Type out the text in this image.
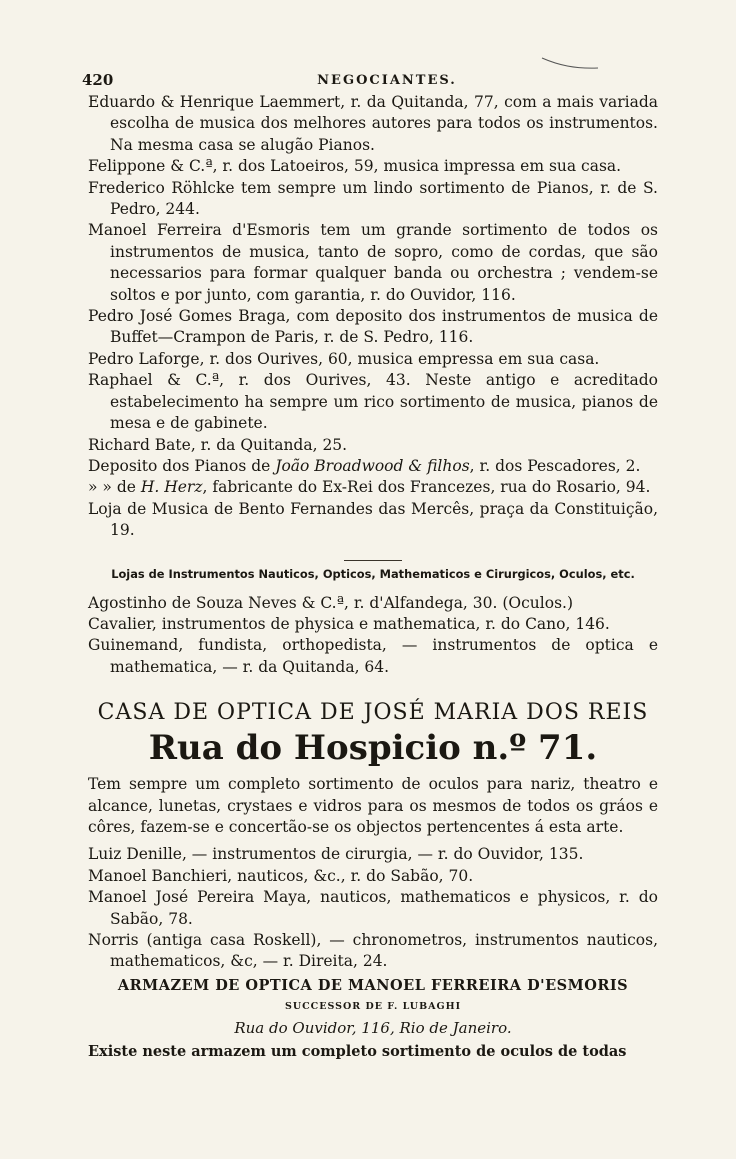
420	NEGOCIANTES.

Eduardo & Henrique Laemmert, r. da Quitanda, 77, com a mais variada escolha de musica dos melhores autores para todos os instrumentos. Na mesma casa se alugão Pianos.

Felippone & C.ª, r. dos Latoeiros, 59, musica impressa em sua casa.

Frederico Röhlcke tem sempre um lindo sortimento de Pianos, r. de S. Pedro, 244.

Manoel Ferreira d'Esmoris tem um grande sortimento de todos os instrumentos de musica, tanto de sopro, como de cordas, que são necessarios para formar qualquer banda ou orchestra ; vendem-se soltos e por junto, com garantia, r. do Ouvidor, 116.

Pedro José Gomes Braga, com deposito dos instrumentos de musica de Buffet—Crampon de Paris, r. de S. Pedro, 116.

Pedro Laforge, r. dos Ourives, 60, musica empressa em sua casa.

Raphael & C.ª, r. dos Ourives, 43. Neste antigo e acreditado estabelecimento ha sempre um rico sortimento de musica, pianos de mesa e de gabinete.

Richard Bate, r. da Quitanda, 25.

Deposito dos Pianos de João Broadwood & filhos, r. dos Pescadores, 2.

» » de H. Herz, fabricante do Ex-Rei dos Francezes, rua do Rosario, 94.

Loja de Musica de Bento Fernandes das Mercês, praça da Constituição, 19.

Lojas de Instrumentos Nauticos, Opticos, Mathematicos e Cirurgicos, Oculos, etc.

Agostinho de Souza Neves & C.ª, r. d'Alfandega, 30. (Oculos.)

Cavalier, instrumentos de physica e mathematica, r. do Cano, 146.

Guinemand, fundista, orthopedista, — instrumentos de optica e mathematica, — r. da Quitanda, 64.

CASA DE OPTICA DE JOSÉ MARIA DOS REIS
Rua do Hospicio n.º 71.

Tem sempre um completo sortimento de oculos para nariz, theatro e alcance, lunetas, crystaes e vidros para os mesmos de todos os gráos e côres, fazem-se e concertão-se os objectos pertencentes á esta arte.

Luiz Denille, — instrumentos de cirurgia, — r. do Ouvidor, 135.

Manoel Banchieri, nauticos, &c., r. do Sabão, 70.

Manoel José Pereira Maya, nauticos, mathematicos e physicos, r. do Sabão, 78.

Norris (antiga casa Roskell), — chronometros, instrumentos nauticos, mathematicos, &c, — r. Direita, 24.

ARMAZEM DE OPTICA DE MANOEL FERREIRA D'ESMORIS
SUCCESSOR DE F. LUBAGHI
Rua do Ouvidor, 116, Rio de Janeiro.

Existe neste armazem um completo sortimento de oculos de todas
